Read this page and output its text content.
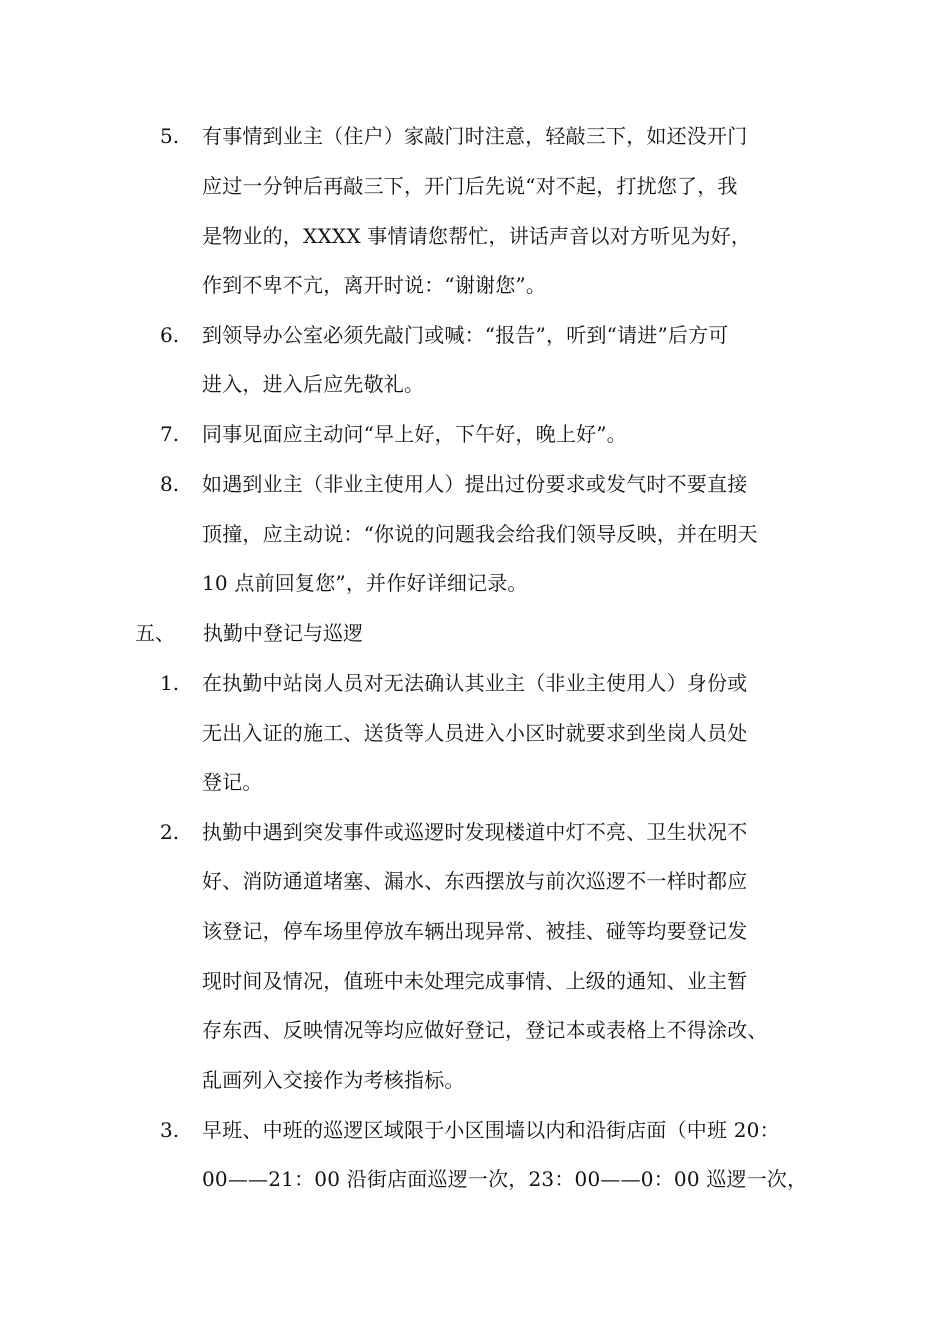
5. 有事情到业主（住户）家敲门时注意，轻敲三下，如还没开门
应过一分钟后再敲三下，开门后先说“对不起，打扰您了，我
是物业的，XXXX 事情请您帮忙，讲话声音以对方听见为好，
作到不卑不亢，离开时说：“谢谢您”。
6. 到领导办公室必须先敲门或喊：“报告”，听到“请进”后方可
进入，进入后应先敬礼。
7. 同事见面应主动问“早上好，下午好，晚上好”。
8. 如遇到业主（非业主使用人）提出过份要求或发气时不要直接
顶撞，应主动说：“你说的问题我会给我们领导反映，并在明天
10 点前回复您”，并作好详细记录。
五、 执勤中登记与巡逻
1. 在执勤中站岗人员对无法确认其业主（非业主使用人）身份或
无出入证的施工、送货等人员进入小区时就要求到坐岗人员处
登记。
2. 执勤中遇到突发事件或巡逻时发现楼道中灯不亮、卫生状况不
好、消防通道堵塞、漏水、东西摆放与前次巡逻不一样时都应
该登记，停车场里停放车辆出现异常、被挂、碰等均要登记发
现时间及情况，值班中未处理完成事情、上级的通知、业主暂
存东西、反映情况等均应做好登记，登记本或表格上不得涂改、
乱画列入交接作为考核指标。
3. 早班、中班的巡逻区域限于小区围墙以内和沿街店面（中班 20：
00——21：00 沿街店面巡逻一次，23：00——0：00 巡逻一次，
